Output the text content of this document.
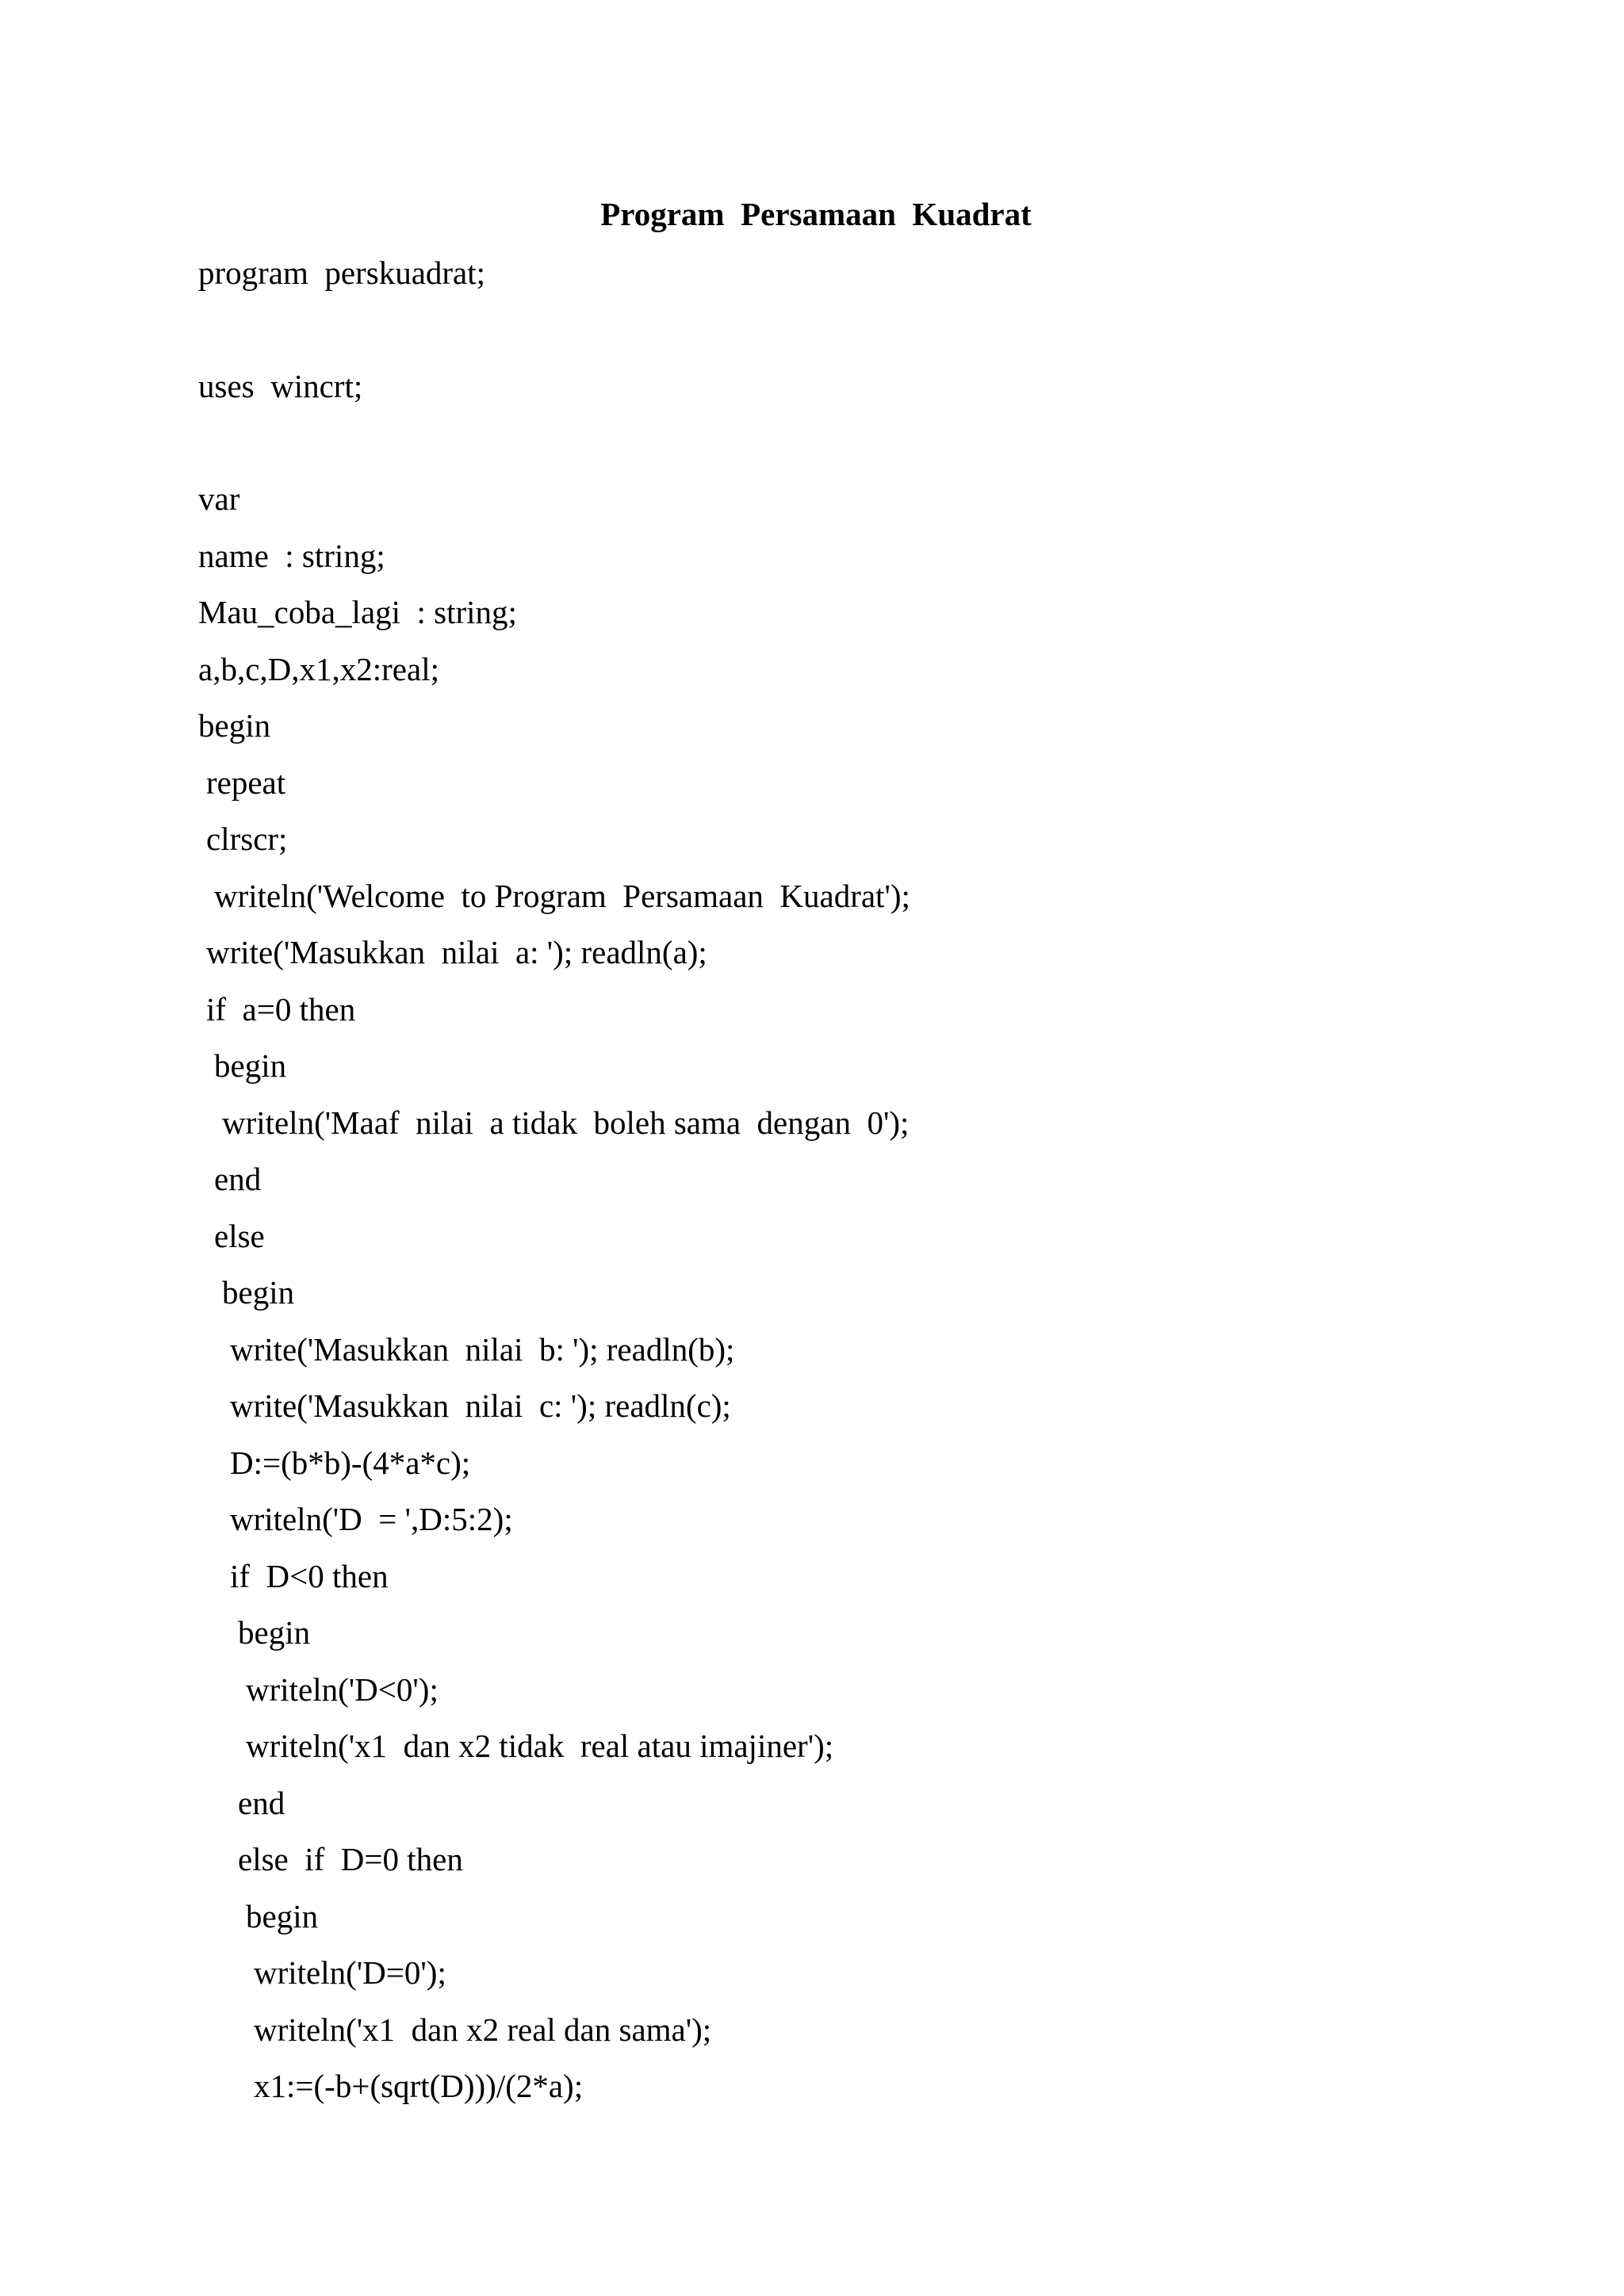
Program  Persamaan  Kuadrat
program  perskuadrat;
uses  wincrt;
var
name  : string;
Mau_coba_lagi  : string;
a,b,c,D,x1,x2:real;
begin
repeat
clrscr;
writeln('Welcome  to Program  Persamaan  Kuadrat');
write('Masukkan  nilai  a: '); readln(a);
if  a=0 then
begin
writeln('Maaf  nilai  a tidak  boleh sama  dengan  0');
end
else
begin
write('Masukkan  nilai  b: '); readln(b);
write('Masukkan  nilai  c: '); readln(c);
D:=(b*b)-(4*a*c);
writeln('D  = ',D:5:2);
if  D<0 then
begin
writeln('D<0');
writeln('x1  dan x2 tidak  real atau imajiner');
end
else  if  D=0 then
begin
writeln('D=0');
writeln('x1  dan x2 real dan sama');
x1:=(-b+(sqrt(D)))/(2*a);
